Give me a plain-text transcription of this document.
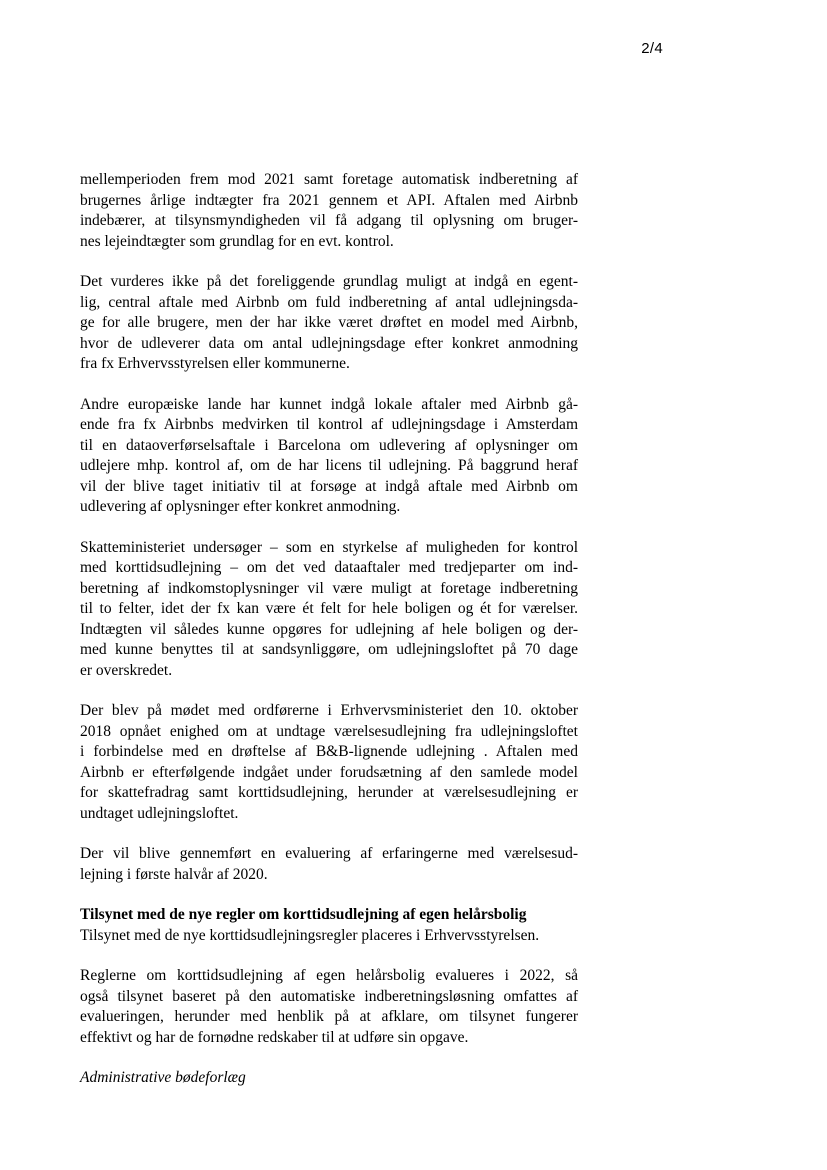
2/4

mellemperioden frem mod 2021 samt foretage automatisk indberetning af
brugernes årlige indtægter fra 2021 gennem et API. Aftalen med Airbnb
indebærer, at tilsynsmyndigheden vil få adgang til oplysning om bruger-
nes lejeindtægter som grundlag for en evt. kontrol.

Det vurderes ikke på det foreliggende grundlag muligt at indgå en egent-
lig, central aftale med Airbnb om fuld indberetning af antal udlejningsda-
ge for alle brugere, men der har ikke været drøftet en model med Airbnb,
hvor de udleverer data om antal udlejningsdage efter konkret anmodning
fra fx Erhvervsstyrelsen eller kommunerne.

Andre europæiske lande har kunnet indgå lokale aftaler med Airbnb gå-
ende fra fx Airbnbs medvirken til kontrol af udlejningsdage i Amsterdam
til en dataoverførselsaftale i Barcelona om udlevering af oplysninger om
udlejere mhp. kontrol af, om de har licens til udlejning. På baggrund heraf
vil der blive taget initiativ til at forsøge at indgå aftale med Airbnb om
udlevering af oplysninger efter konkret anmodning.

Skatteministeriet undersøger – som en styrkelse af muligheden for kontrol
med korttidsudlejning – om det ved dataaftaler med tredjeparter om ind-
beretning af indkomstoplysninger vil være muligt at foretage indberetning
til to felter, idet der fx kan være ét felt for hele boligen og ét for værelser.
Indtægten vil således kunne opgøres for udlejning af hele boligen og der-
med kunne benyttes til at sandsynliggøre, om udlejningsloftet på 70 dage
er overskredet.

Der blev på mødet med ordførerne i Erhvervsministeriet den 10. oktober
2018 opnået enighed om at undtage værelsesudlejning fra udlejningsloftet
i forbindelse med en drøftelse af B&B-lignende udlejning . Aftalen med
Airbnb er efterfølgende indgået under forudsætning af den samlede model
for skattefradrag samt korttidsudlejning, herunder at værelsesudlejning er
undtaget udlejningsloftet.

Der vil blive gennemført en evaluering af erfaringerne med værelsesud-
lejning i første halvår af 2020.

Tilsynet med de nye regler om korttidsudlejning af egen helårsbolig
Tilsynet med de nye korttidsudlejningsregler placeres i Erhvervsstyrelsen.

Reglerne om korttidsudlejning af egen helårsbolig evalueres i 2022, så
også tilsynet baseret på den automatiske indberetningsløsning omfattes af
evalueringen, herunder med henblik på at afklare, om tilsynet fungerer
effektivt og har de fornødne redskaber til at udføre sin opgave.

Administrative bødeforlæg
